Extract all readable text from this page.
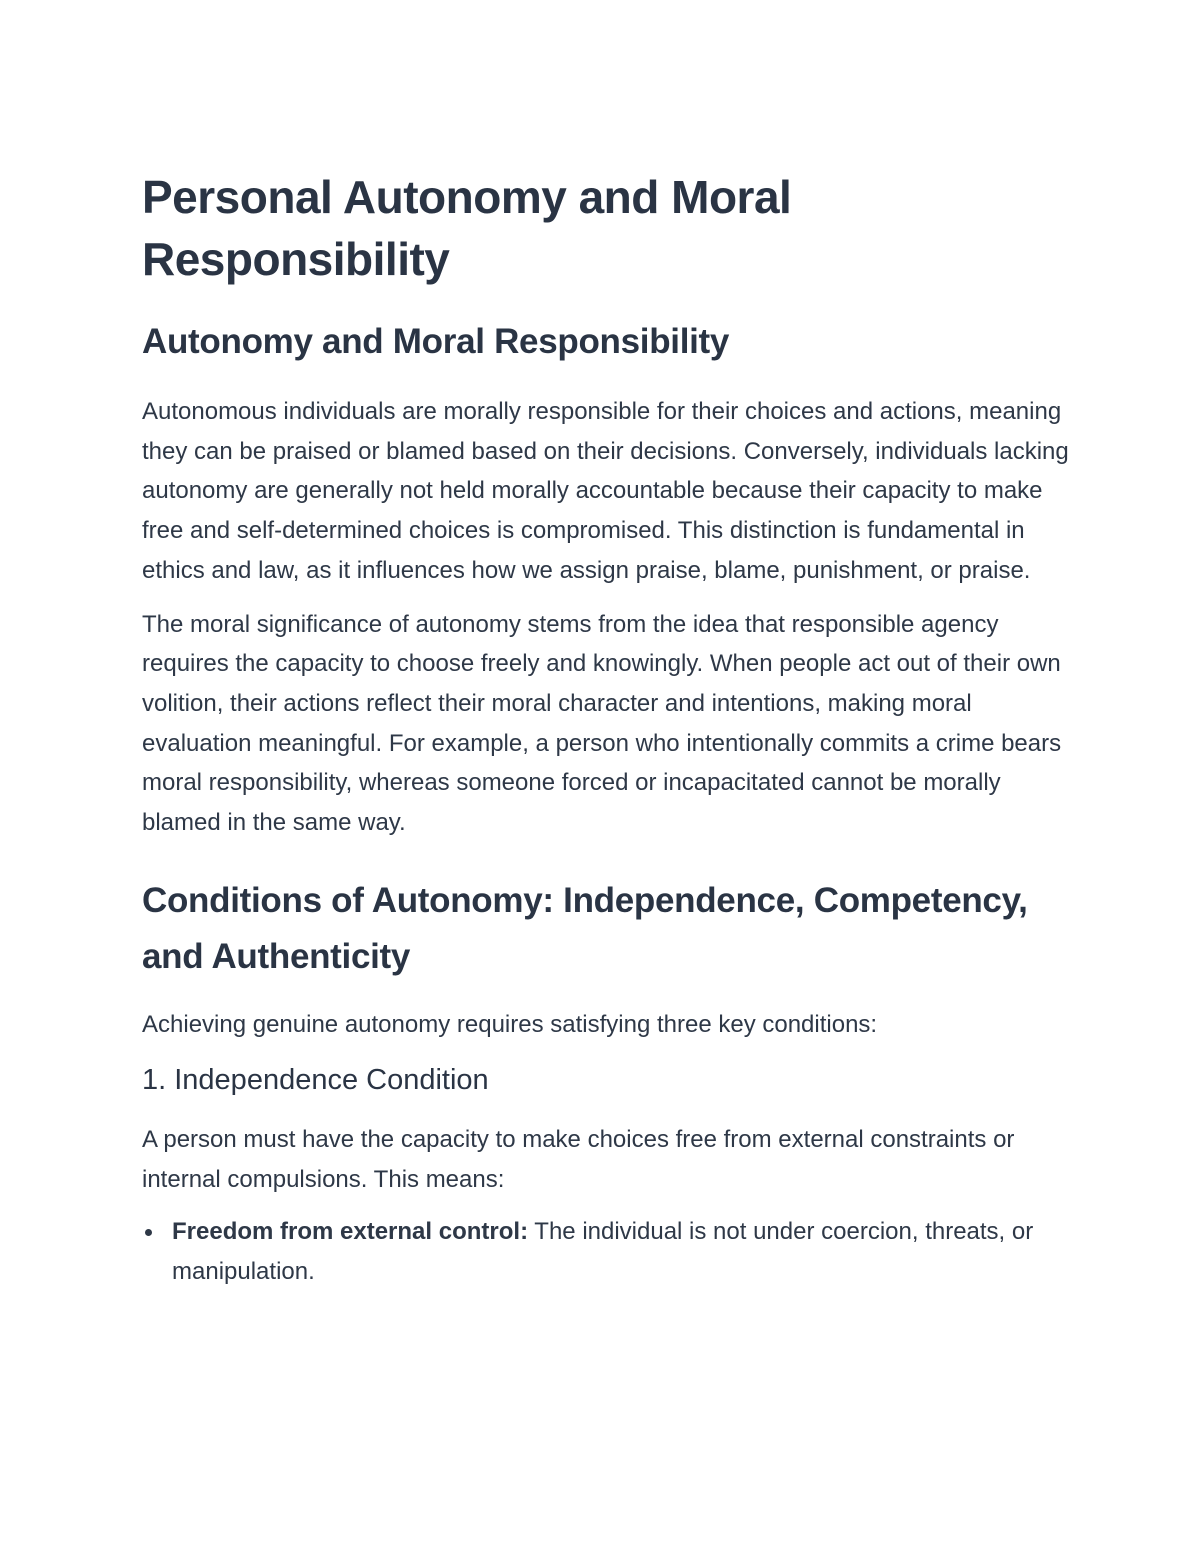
Personal Autonomy and Moral Responsibility
Autonomy and Moral Responsibility

Autonomous individuals are morally responsible for their choices and actions, meaning they can be praised or blamed based on their decisions. Conversely, individuals lacking autonomy are generally not held morally accountable because their capacity to make free and self-determined choices is compromised. This distinction is fundamental in ethics and law, as it influences how we assign praise, blame, punishment, or praise.

The moral significance of autonomy stems from the idea that responsible agency requires the capacity to choose freely and knowingly. When people act out of their own volition, their actions reflect their moral character and intentions, making moral evaluation meaningful. For example, a person who intentionally commits a crime bears moral responsibility, whereas someone forced or incapacitated cannot be morally blamed in the same way.

Conditions of Autonomy: Independence, Competency, and Authenticity

Achieving genuine autonomy requires satisfying three key conditions:

1. Independence Condition

A person must have the capacity to make choices free from external constraints or internal compulsions. This means:

Freedom from external control: The individual is not under coercion, threats, or manipulation.
